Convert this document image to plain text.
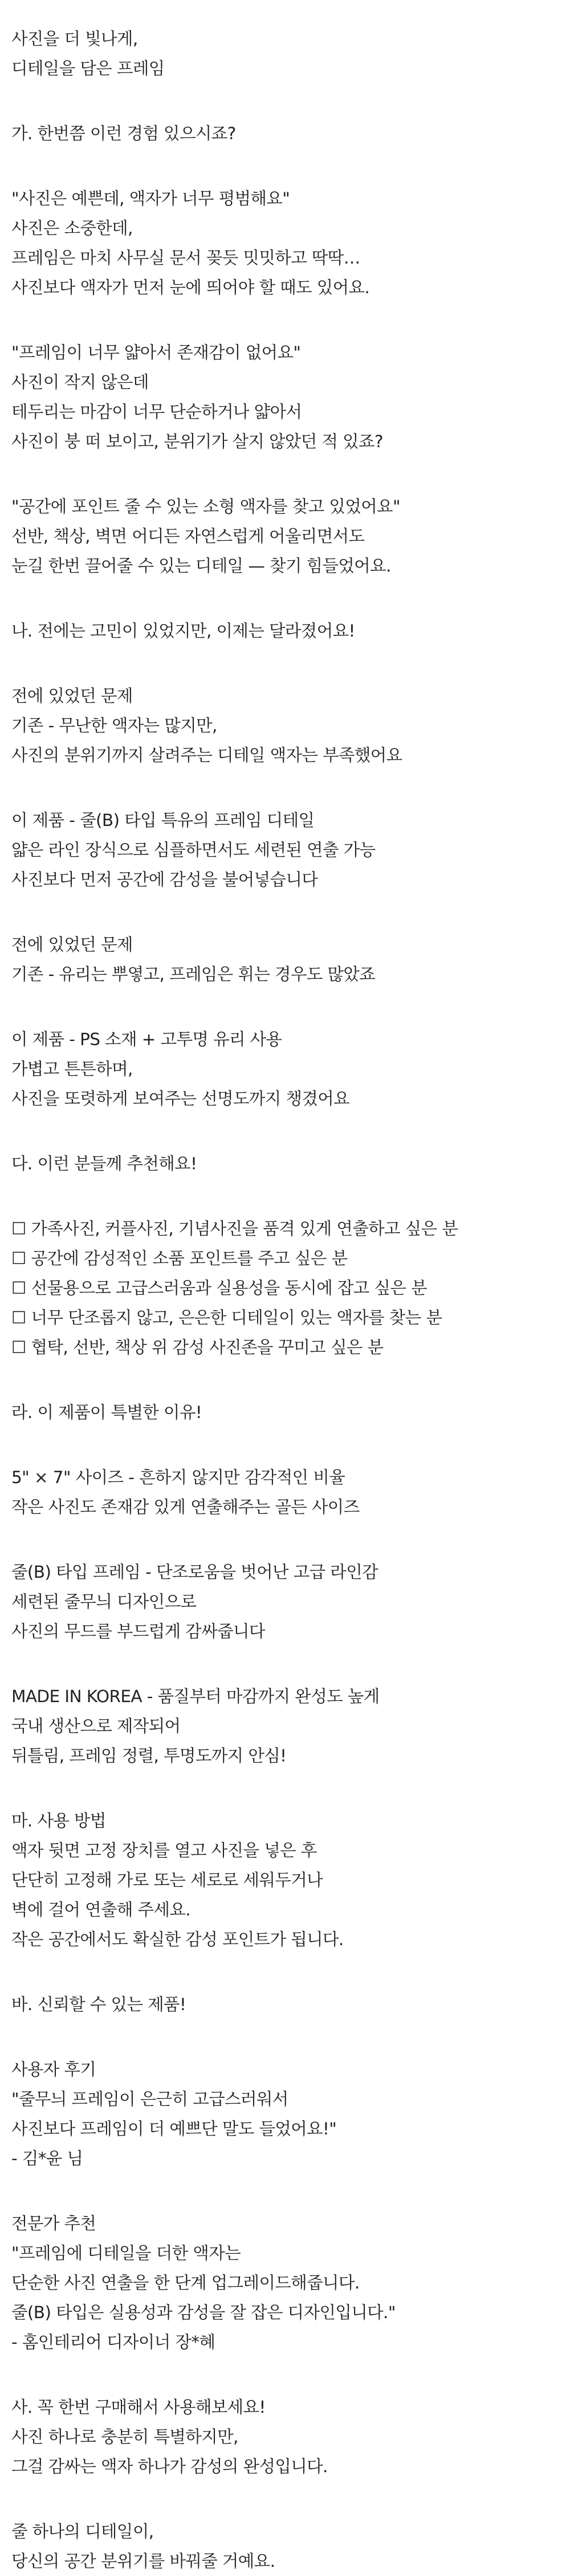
사진을 더 빛나게,

디테일을 담은 프레임

가. 한번쯤 이런 경험 있으시죠?

"사진은 예쁜데, 액자가 너무 평범해요"

사진은 소중한데,

프레임은 마치 사무실 문서 꽂듯 밋밋하고 딱딱…

사진보다 액자가 먼저 눈에 띄어야 할 때도 있어요.

"프레임이 너무 얇아서 존재감이 없어요"

사진이 작지 않은데

테두리는 마감이 너무 단순하거나 얇아서

사진이 붕 떠 보이고, 분위기가 살지 않았던 적 있죠?

"공간에 포인트 줄 수 있는 소형 액자를 찾고 있었어요"

선반, 책상, 벽면 어디든 자연스럽게 어울리면서도

눈길 한번 끌어줄 수 있는 디테일 — 찾기 힘들었어요.

나. 전에는 고민이 있었지만, 이제는 달라졌어요!

전에 있었던 문제

기존 - 무난한 액자는 많지만,

사진의 분위기까지 살려주는 디테일 액자는 부족했어요

이 제품 - 줄(B) 타입 특유의 프레임 디테일

얇은 라인 장식으로 심플하면서도 세련된 연출 가능

사진보다 먼저 공간에 감성을 불어넣습니다

전에 있었던 문제

기존 - 유리는 뿌옇고, 프레임은 휘는 경우도 많았죠

이 제품 - PS 소재 + 고투명 유리 사용

가볍고 튼튼하며,

사진을 또렷하게 보여주는 선명도까지 챙겼어요

다. 이런 분들께 추천해요!

☐ 가족사진, 커플사진, 기념사진을 품격 있게 연출하고 싶은 분

☐ 공간에 감성적인 소품 포인트를 주고 싶은 분

☐ 선물용으로 고급스러움과 실용성을 동시에 잡고 싶은 분

☐ 너무 단조롭지 않고, 은은한 디테일이 있는 액자를 찾는 분

☐ 협탁, 선반, 책상 위 감성 사진존을 꾸미고 싶은 분

라. 이 제품이 특별한 이유!

5" × 7" 사이즈 - 흔하지 않지만 감각적인 비율

작은 사진도 존재감 있게 연출해주는 골든 사이즈

줄(B) 타입 프레임 - 단조로움을 벗어난 고급 라인감

세련된 줄무늬 디자인으로

사진의 무드를 부드럽게 감싸줍니다

MADE IN KOREA - 품질부터 마감까지 완성도 높게

국내 생산으로 제작되어

뒤틀림, 프레임 정렬, 투명도까지 안심!

마. 사용 방법

액자 뒷면 고정 장치를 열고 사진을 넣은 후

단단히 고정해 가로 또는 세로로 세워두거나

벽에 걸어 연출해 주세요.

작은 공간에서도 확실한 감성 포인트가 됩니다.

바. 신뢰할 수 있는 제품!

사용자 후기

"줄무늬 프레임이 은근히 고급스러워서

사진보다 프레임이 더 예쁘단 말도 들었어요!"

- 김*윤 님

전문가 추천

"프레임에 디테일을 더한 액자는

단순한 사진 연출을 한 단계 업그레이드해줍니다.

줄(B) 타입은 실용성과 감성을 잘 잡은 디자인입니다."

- 홈인테리어 디자이너 장*혜

사. 꼭 한번 구매해서 사용해보세요!

사진 하나로 충분히 특별하지만,

그걸 감싸는 액자 하나가 감성의 완성입니다.

줄 하나의 디테일이,

당신의 공간 분위기를 바꿔줄 거예요.
